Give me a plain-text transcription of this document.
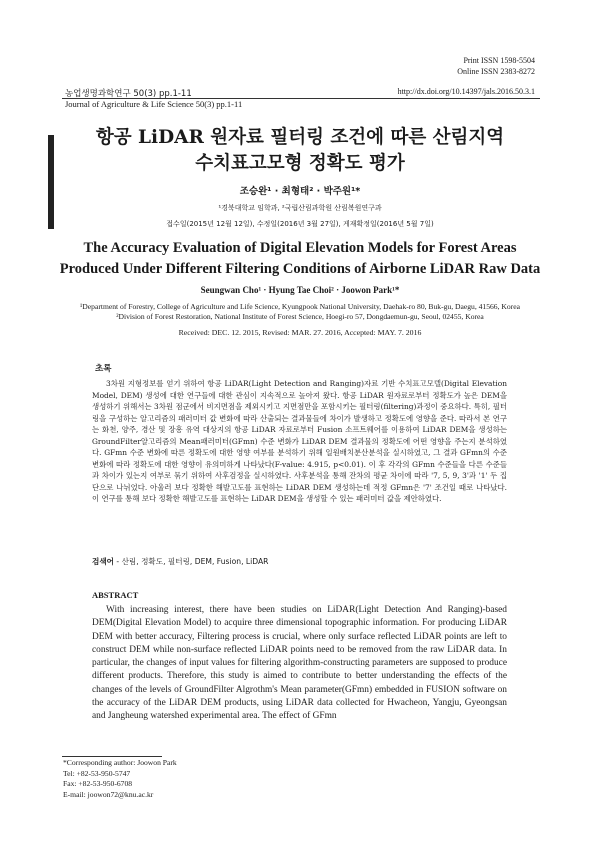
Print ISSN 1598-5504
Online ISSN 2383-8272
농업생명과학연구 50(3) pp.1-11	http://dx.doi.org/10.14397/jals.2016.50.3.1
Journal of Agriculture & Life Science 50(3) pp.1-11
항공 LiDAR 원자료 필터링 조건에 따른 산림지역
수치표고모형 정확도 평가
조승완¹ · 최형태² · 박주원¹*
¹경북대학교 임학과, ²국립산림과학원 산림복원연구과
접수일(2015년 12월 12일), 수정일(2016년 3월 27일), 게재확정일(2016년 5월 7일)
The Accuracy Evaluation of Digital Elevation Models for Forest Areas
Produced Under Different Filtering Conditions of Airborne LiDAR Raw Data
Seungwan Cho¹ · Hyung Tae Choi² · Joowon Park¹*
¹Department of Forestry, College of Agriculture and Life Science, Kyungpook National University, Daehak-ro 80, Buk-gu, Daegu, 41566, Korea
²Division of Forest Restoration, National Institute of Forest Science, Hoegi-ro 57, Dongdaemun-gu, Seoul, 02455, Korea
Received: DEC. 12. 2015, Revised: MAR. 27. 2016, Accepted: MAY. 7. 2016
초록
3차원 지형정보를 얻기 위하여 항공 LiDAR(Light Detection and Ranging)자료 기반 수치표고모델(Digital Elevation Model, DEM) 생성에 대한 연구들에 대한 관심이 지속적으로 높아져 왔다. 항공 LiDAR 원자료로부터 정확도가 높은 DEM을 생성하기 위해서는 3차원 점군에서 비지면점을 제외시키고 지면점만을 포함시키는 필터링(filtering)과정이 중요하다. 특히, 필터링을 구성하는 알고리즘의 패러미터 값 변화에 따라 산출되는 결과물들에 차이가 발생하고 정확도에 영향을 준다. 따라서 본 연구는 화천, 양주, 경산 및 장흥 유역 대상지의 항공 LiDAR 자료로부터 Fusion 소프트웨어를 이용하여 LiDAR DEM을 생성하는 GroundFilter알고리즘의 Mean패러미터(GFmn) 수준 변화가 LiDAR DEM 결과물의 정확도에 어떤 영향을 주는지 분석하였다. GFmn 수준 변화에 따른 정확도에 대한 영향 여부를 분석하기 위해 일원배치분산분석을 실시하였고, 그 결과 GFmn의 수준 변화에 따라 정확도에 대한 영향이 유의미하게 나타났다(F-value: 4.915, p<0.01). 이 후 각각의 GFmn 수준들을 다른 수준들과 차이가 있는지 여부로 묶기 위하여 사후검정을 실시하였다. 사후분석을 통해 잔차의 평균 차이에 따라 '7, 5, 9, 3'과 '1' 두 집단으로 나뉘었다. 아울러 보다 정확한 해발고도를 표현하는 LiDAR DEM 생성하는데 적정 GFmn은 '7' 조건일 때로 나타났다. 이 연구를 통해 보다 정확한 해발고도를 표현하는 LiDAR DEM을 생성할 수 있는 패러미터 값을 제안하였다.
검색어 - 산림, 정확도, 필터링, DEM, Fusion, LiDAR
ABSTRACT
With increasing interest, there have been studies on LiDAR(Light Detection And Ranging)-based DEM(Digital Elevation Model) to acquire three dimensional topographic information. For producing LiDAR DEM with better accuracy, Filtering process is crucial, where only surface reflected LiDAR points are left to construct DEM while non-surface reflected LiDAR points need to be removed from the raw LiDAR data. In particular, the changes of input values for filtering algorithm-constructing parameters are supposed to produce different products. Therefore, this study is aimed to contribute to better understanding the effects of the changes of the levels of GroundFilter Algrothm's Mean parameter(GFmn) embedded in FUSION software on the accuracy of the LiDAR DEM products, using LiDAR data collected for Hwacheon, Yangju, Gyeongsan and Jangheung watershed experimental area. The effect of GFmn
*Corresponding author: Joowon Park
Tel: +82-53-950-5747
Fax: +82-53-950-6708
E-mail: joowon72@knu.ac.kr
